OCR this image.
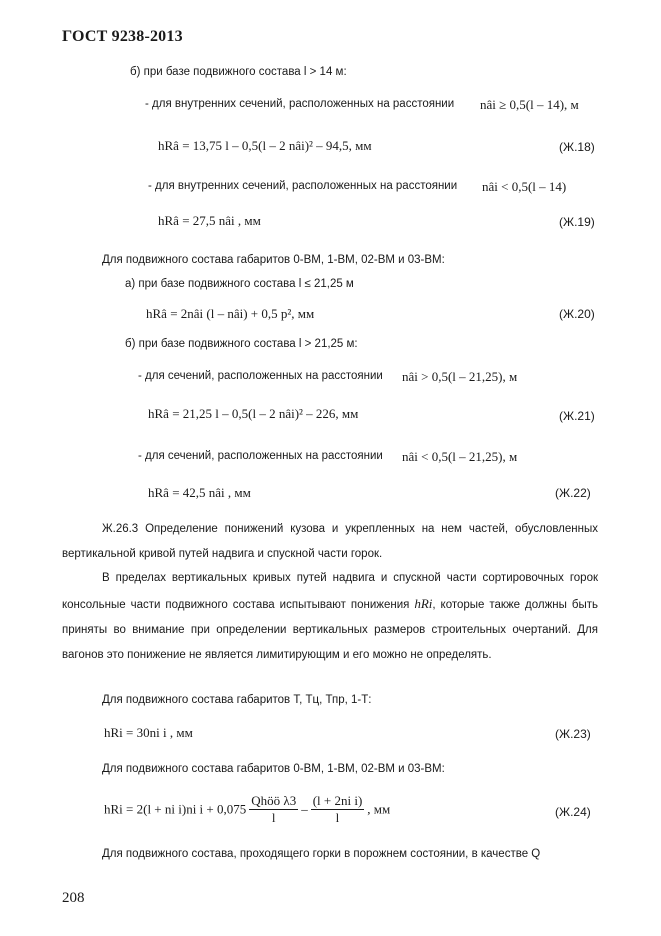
ГОСТ 9238-2013
б) при базе подвижного состава l > 14 м:
- для внутренних сечений, расположенных на расстоянии nâi ≥ 0,5(l – 14), м
hRâ = 13,75 l – 0,5(l – 2 nâi)² – 94,5, мм	(Ж.18)
- для внутренних сечений, расположенных на расстоянии nâi < 0,5(l – 14)
hRâ = 27,5 nâi , мм	(Ж.19)
Для подвижного состава габаритов 0-ВМ, 1-ВМ, 02-ВМ и 03-ВМ:
а) при базе подвижного состава l ≤ 21,25 м
hRâ = 2nâi (l – nâi) + 0,5 p², мм	(Ж.20)
б) при базе подвижного состава l > 21,25 м:
- для сечений, расположенных на расстоянии nâi > 0,5(l – 21,25), м
hRâ = 21,25 l – 0,5(l – 2 nâi)² – 226, мм	(Ж.21)
- для сечений, расположенных на расстоянии nâi < 0,5(l – 21,25), м
hRâ = 42,5 nâi , мм	(Ж.22)
Ж.26.3 Определение понижений кузова и укрепленных на нем частей, обусловленных вертикальной кривой путей надвига и спускной части горок.
В пределах вертикальных кривых путей надвига и спускной части сортировочных горок консольные части подвижного состава испытывают понижения hRi, которые также должны быть приняты во внимание при определении вертикальных размеров строительных очертаний. Для вагонов это понижение не является лимитирующим и его можно не определять.
Для подвижного состава габаритов Т, Тц, Тпр, 1-Т:
hRi = 30ni i , мм	(Ж.23)
Для подвижного состава габаритов 0-ВМ, 1-ВМ, 02-ВМ и 03-ВМ:
hRi = 2(l + ni i)ni $i + 0,075 \frac{\text{Qhöö λ3}}{l} - \frac{\text{(l + 2ni i)}}{l}$ , мм	(Ж.24)
Для подвижного состава, проходящего горки в порожнем состоянии, в качестве Q
208
